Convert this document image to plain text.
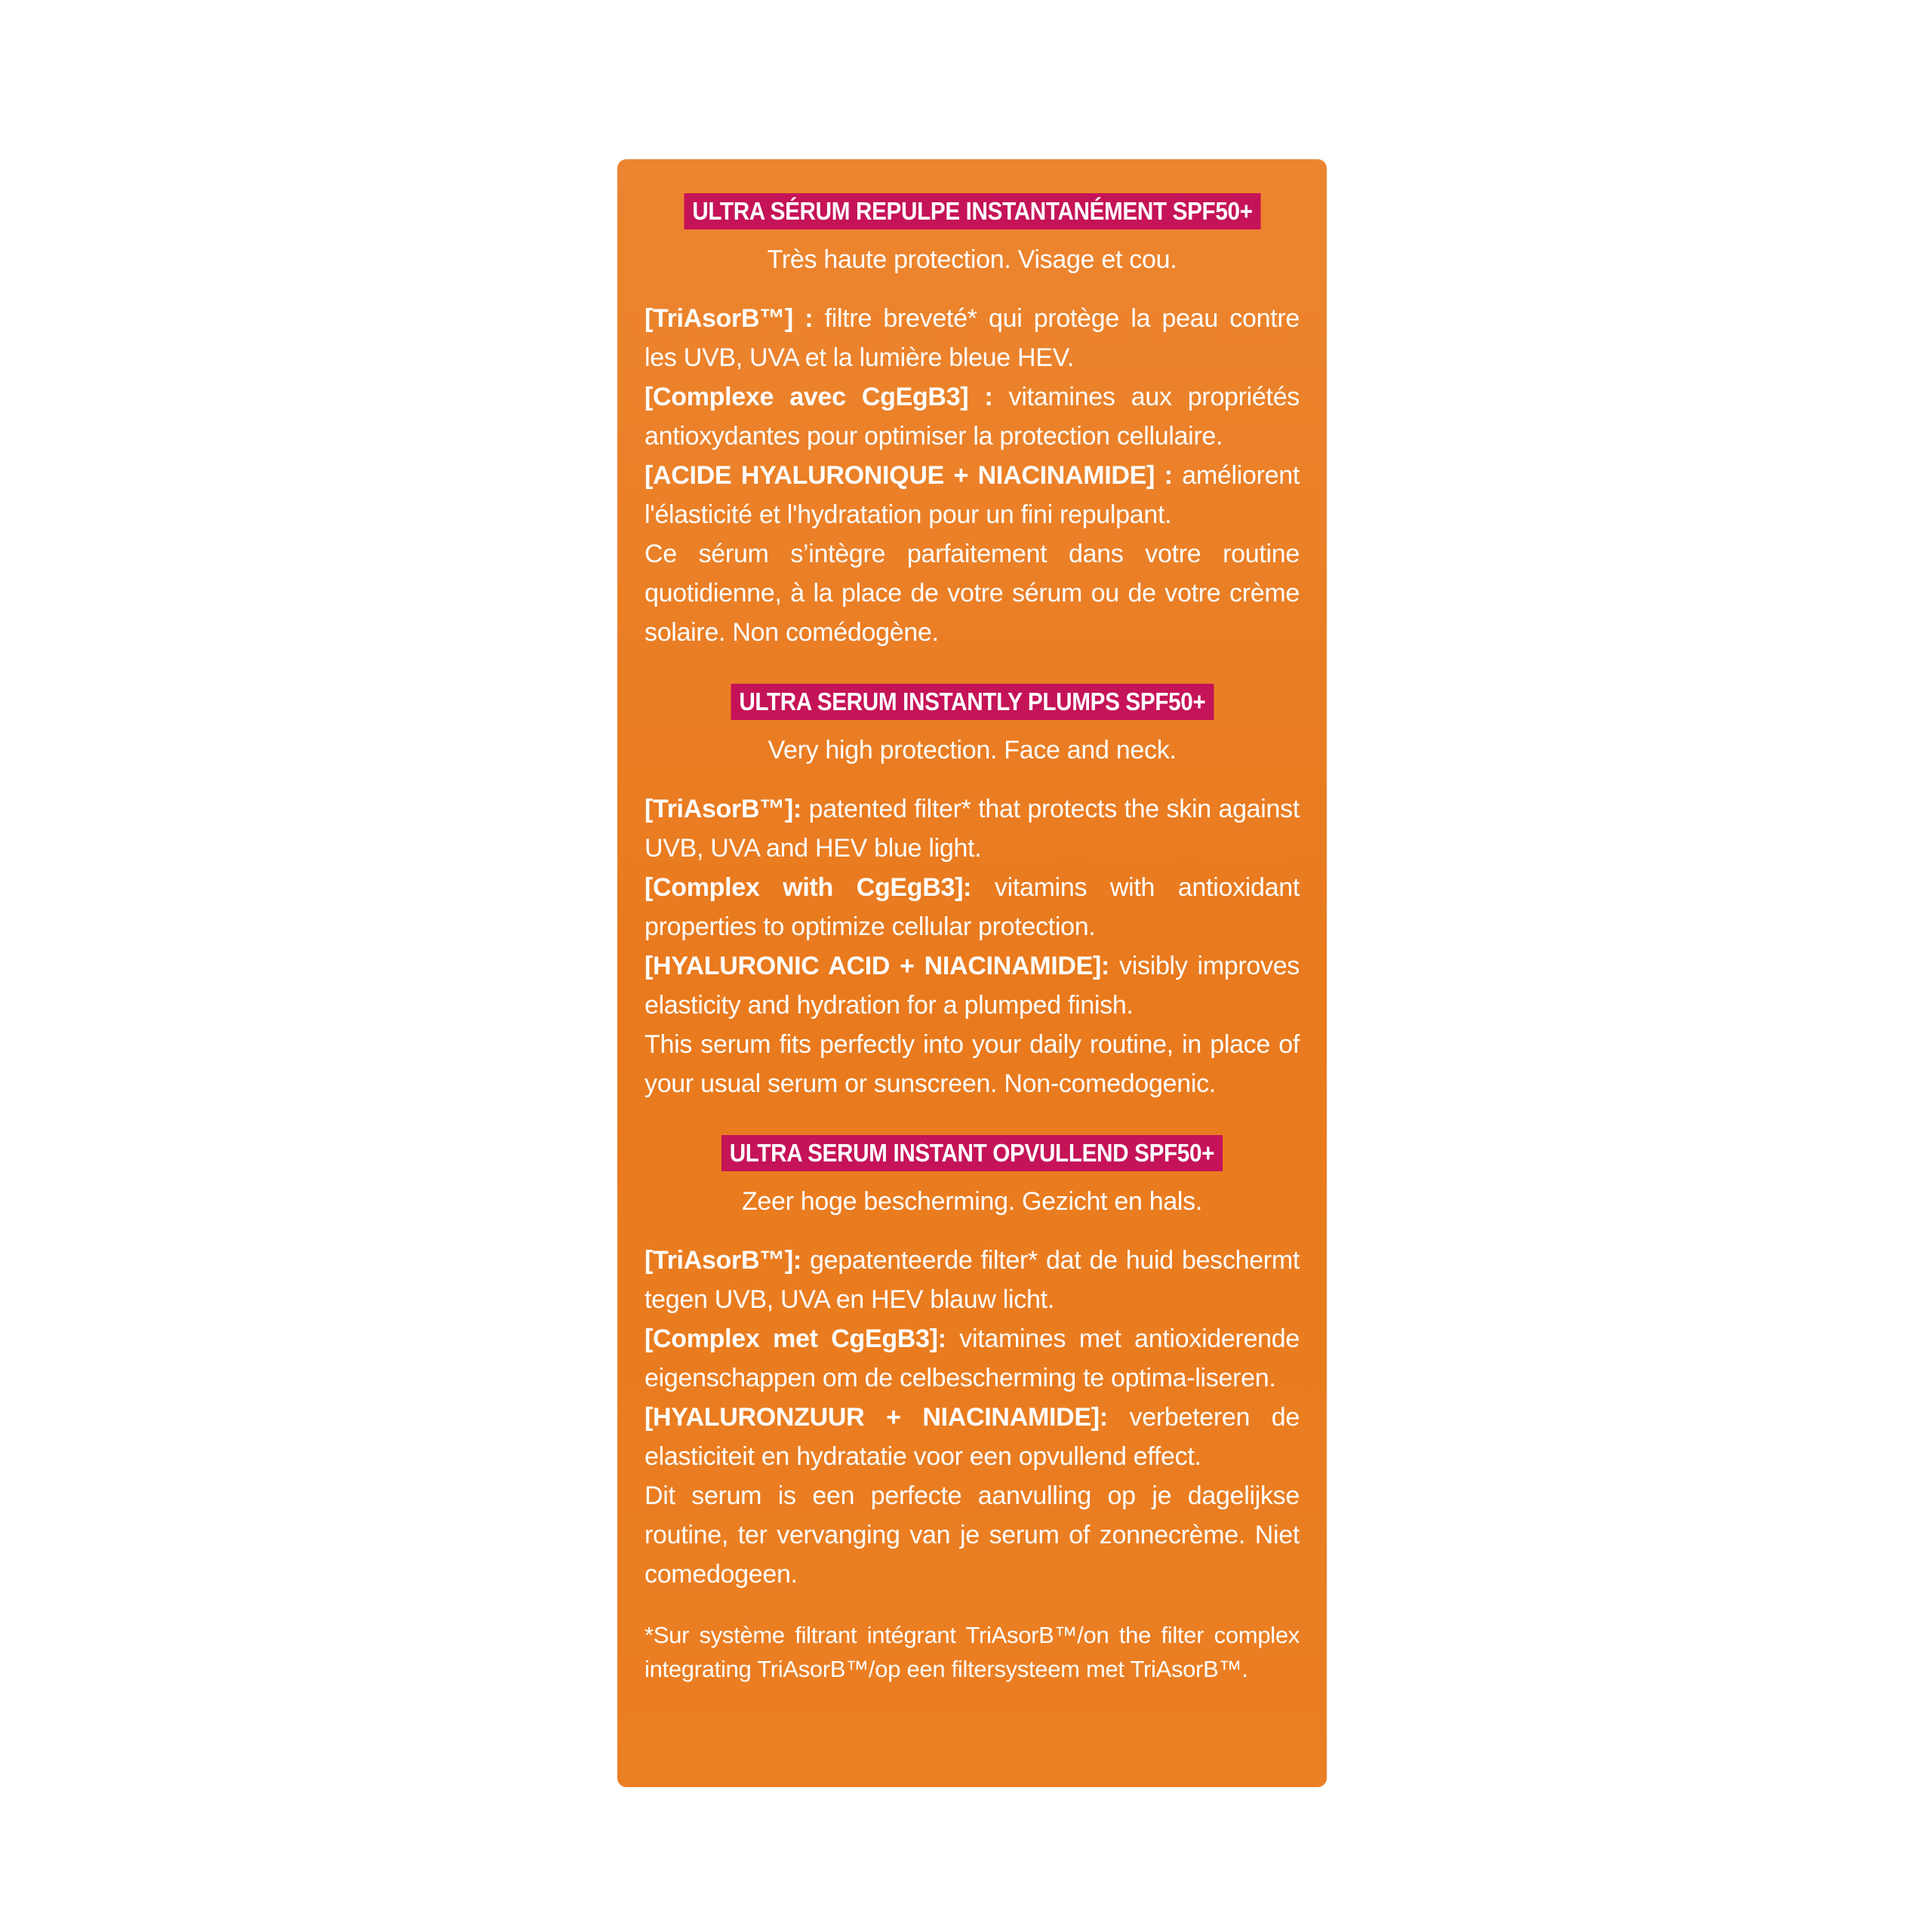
ULTRA SÉRUM REPULPE INSTANTANÉMENT SPF50+
Très haute protection. Visage et cou.

[TriAsorB™] : filtre breveté* qui protège la peau contre les UVB, UVA et la lumière bleue HEV.

[Complexe avec CgEgB3] : vitamines aux propriétés antioxydantes pour optimiser la protection cellulaire.

[ACIDE HYALURONIQUE + NIACINAMIDE] : améliorent l'élasticité et l'hydratation pour un fini repulpant.

Ce sérum s’intègre parfaitement dans votre routine quotidienne, à la place de votre sérum ou de votre crème solaire. Non comédogène.

ULTRA SERUM INSTANTLY PLUMPS SPF50+
Very high protection. Face and neck.

[TriAsorB™]: patented filter* that protects the skin against UVB, UVA and HEV blue light.

[Complex with CgEgB3]: vitamins with antioxidant properties to optimize cellular protection.

[HYALURONIC ACID + NIACINAMIDE]: visibly improves elasticity and hydration for a plumped finish.

This serum fits perfectly into your daily routine, in place of your usual serum or sunscreen. Non-comedogenic.

ULTRA SERUM INSTANT OPVULLEND SPF50+
Zeer hoge bescherming. Gezicht en hals.

[TriAsorB™]: gepatenteerde filter* dat de huid beschermt tegen UVB, UVA en HEV blauw licht.

[Complex met CgEgB3]: vitamines met antioxiderende eigenschappen om de celbescherming te optima-liseren.

[HYALURONZUUR + NIACINAMIDE]: verbeteren de elasticiteit en hydratatie voor een opvullend effect.

Dit serum is een perfecte aanvulling op je dagelijkse routine, ter vervanging van je serum of zonnecrème. Niet comedogeen.

*Sur système filtrant intégrant TriAsorB™/on the filter complex integrating TriAsorB™/op een filtersysteem met TriAsorB™.
